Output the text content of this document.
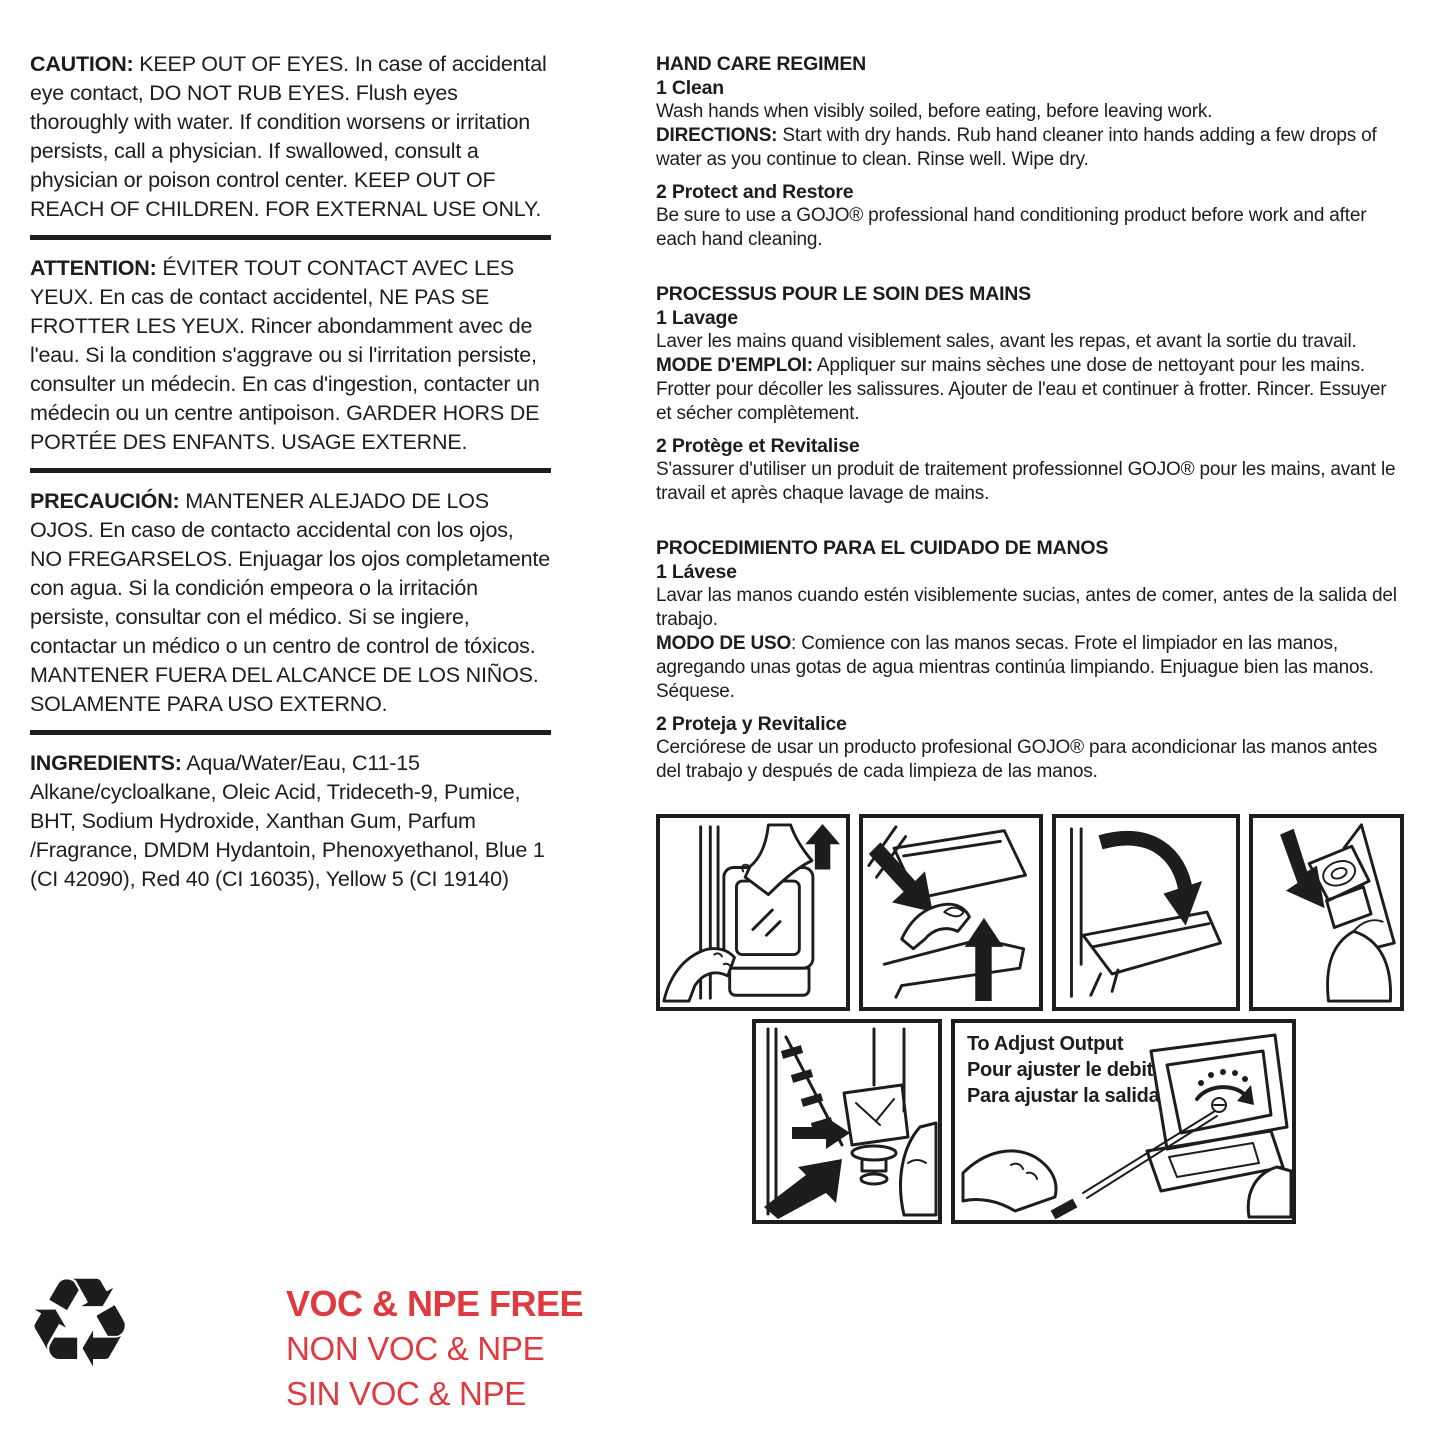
CAUTION: KEEP OUT OF EYES. In case of accidental eye contact, DO NOT RUB EYES. Flush eyes thoroughly with water. If condition worsens or irritation persists, call a physician. If swallowed, consult a physician or poison control center. KEEP OUT OF REACH OF CHILDREN. FOR EXTERNAL USE ONLY.

ATTENTION: ÉVITER TOUT CONTACT AVEC LES YEUX. En cas de contact accidentel, NE PAS SE FROTTER LES YEUX. Rincer abondamment avec de l'eau. Si la condition s'aggrave ou si l'irritation persiste, consulter un médecin. En cas d'ingestion, contacter un médecin ou un centre antipoison. GARDER HORS DE PORTÉE DES ENFANTS. USAGE EXTERNE.

PRECAUCIÓN: MANTENER ALEJADO DE LOS OJOS. En caso de contacto accidental con los ojos, NO FREGARSELOS. Enjuagar los ojos completamente con agua. Si la condición empeora o la irritación persiste, consultar con el médico. Si se ingiere, contactar un médico o un centro de control de tóxicos. MANTENER FUERA DEL ALCANCE DE LOS NIÑOS. SOLAMENTE PARA USO EXTERNO.

INGREDIENTS: Aqua/Water/Eau, C11-15 Alkane/cycloalkane, Oleic Acid, Trideceth-9, Pumice, BHT, Sodium Hydroxide, Xanthan Gum, Parfum /Fragrance, DMDM Hydantoin, Phenoxyethanol, Blue 1 (CI 42090), Red 40 (CI 16035), Yellow 5 (CI 19140)

HAND CARE REGIMEN
1 Clean

Wash hands when visibly soiled, before eating, before leaving work.

DIRECTIONS: Start with dry hands. Rub hand cleaner into hands adding a few drops of water as you continue to clean. Rinse well. Wipe dry.

2 Protect and Restore

Be sure to use a GOJO® professional hand conditioning product before work and after each hand cleaning.

PROCESSUS POUR LE SOIN DES MAINS
1 Lavage

Laver les mains quand visiblement sales, avant les repas, et avant la sortie du travail.

MODE D'EMPLOI: Appliquer sur mains sèches une dose de nettoyant pour les mains. Frotter pour décoller les salissures. Ajouter de l'eau et continuer à frotter. Rincer. Essuyer et sécher complètement.

2 Protège et Revitalise

S'assurer d'utiliser un produit de traitement professionnel GOJO® pour les mains, avant le travail et après chaque lavage de mains.

PROCEDIMIENTO PARA EL CUIDADO DE MANOS
1 Lávese

Lavar las manos cuando estén visiblemente sucias, antes de comer, antes de la salida del trabajo.

MODO DE USO: Comience con las manos secas. Frote el limpiador en las manos, agregando unas gotas de agua mientras continúa limpiando. Enjuague bien las manos. Séquese.

2 Proteja y Revitalice

Cerciórese de usar un producto profesional GOJO® para acondicionar las manos antes del trabajo y después de cada limpieza de las manos.

To Adjust Output
Pour ajuster le debit
Para ajustar la salida
♻	VOC & NPE FREE
NON VOC & NPE
SIN VOC & NPE
